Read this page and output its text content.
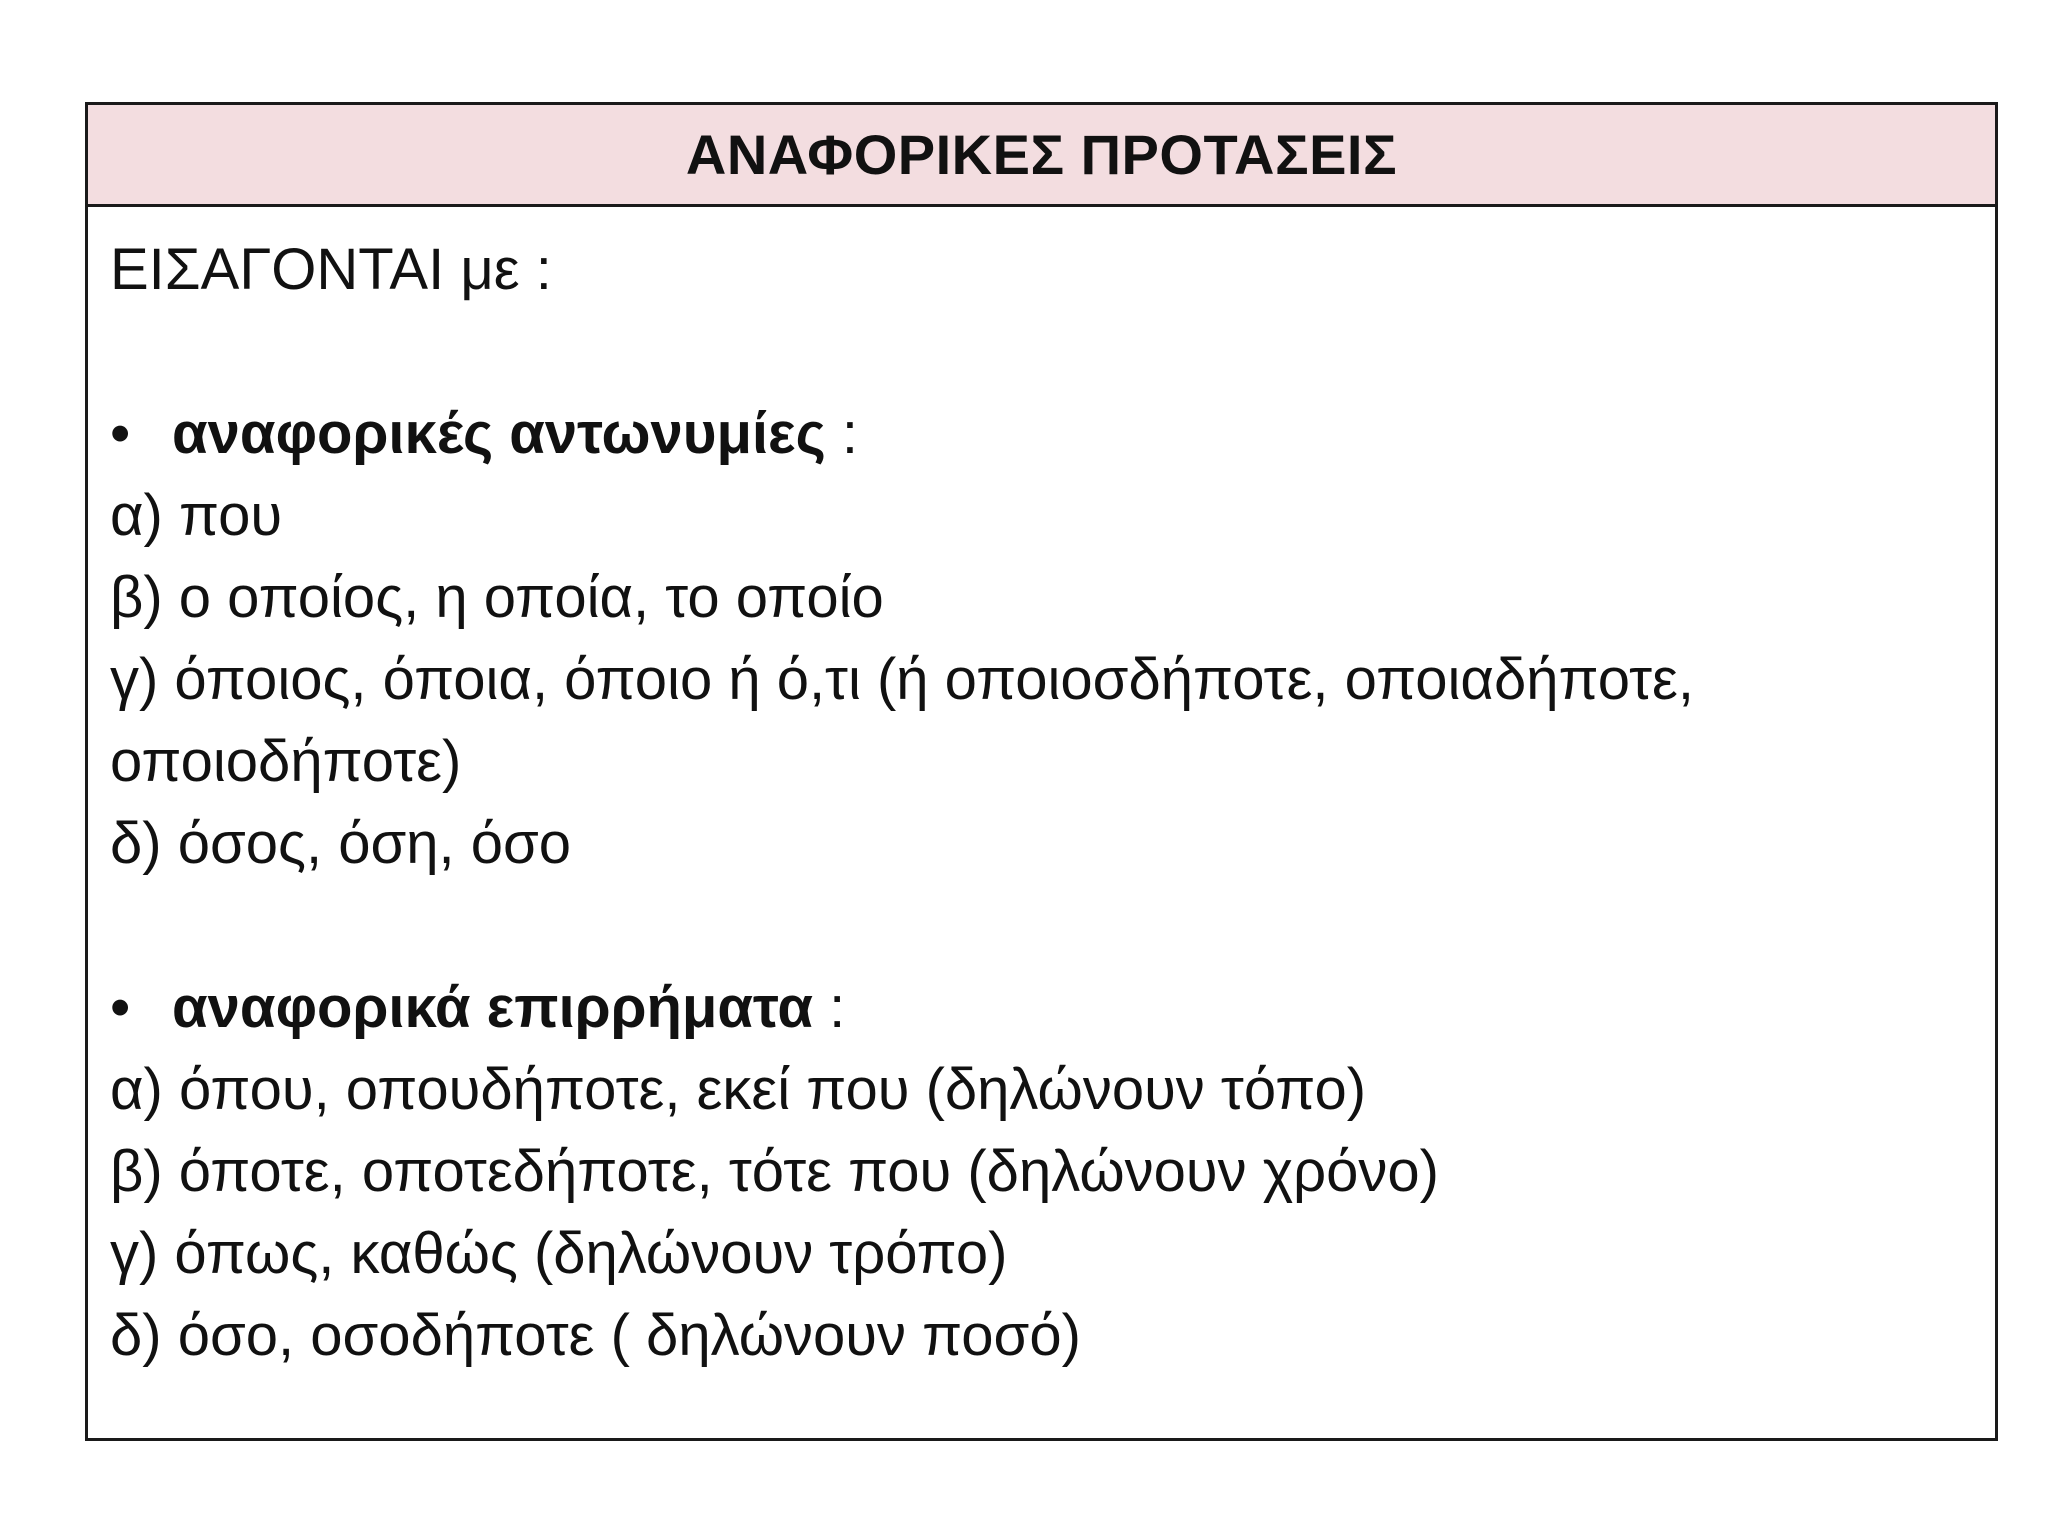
ΑΝΑΦΟΡΙΚΕΣ ΠΡΟΤΑΣΕΙΣ
ΕΙΣΑΓΟΝΤΑΙ με :
• αναφορικές αντωνυμίες :
α) που
β) ο οποίος, η οποία, το οποίο
γ) όποιος, όποια, όποιο ή ό,τι (ή οποιοσδήποτε, οποιαδήποτε,
οποιοδήποτε)
δ) όσος, όση, όσο
• αναφορικά επιρρήματα :
α) όπου, οπουδήποτε, εκεί που (δηλώνουν τόπο)
β) όποτε, οποτεδήποτε, τότε που (δηλώνουν χρόνο)
γ) όπως, καθώς (δηλώνουν τρόπο)
δ) όσο, οσοδήποτε ( δηλώνουν ποσό)
